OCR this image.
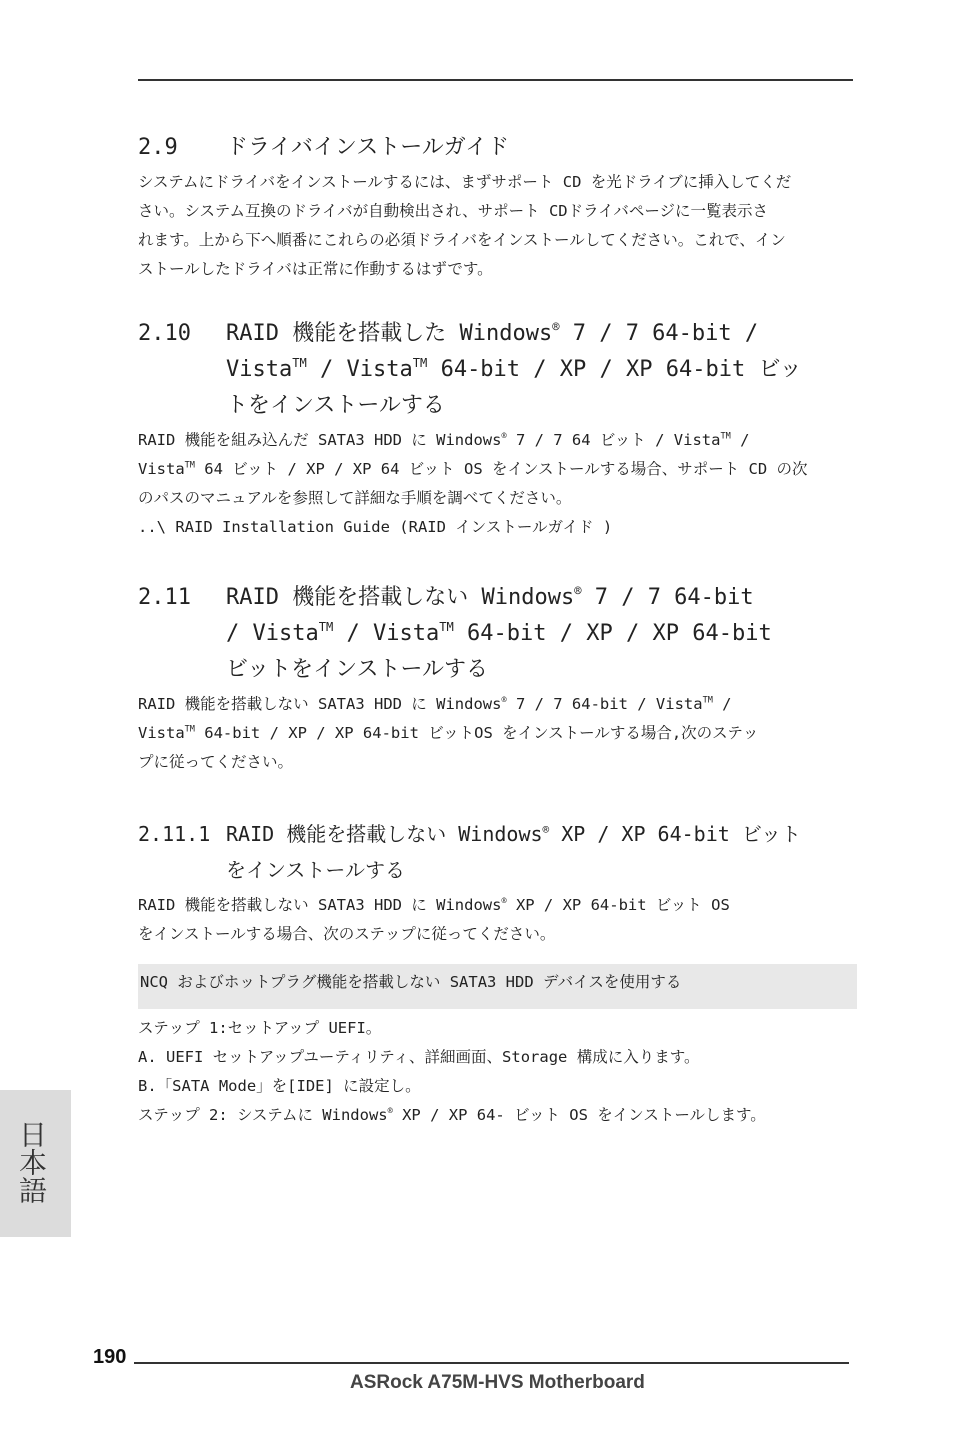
2.9 ドライバインストールガイド
システムにドライバをインストールするには、まずサポート CD を光ドライブに挿入してくだ
さい。システム互換のドライバが自動検出され、サポート CDドライバページに一覧表示さ
れます。上から下へ順番にこれらの必須ドライバをインストールしてください。これで、イン
ストールしたドライバは正常に作動するはずです。
2.10 RAID 機能を搭載した Windows® 7 / 7 64-bit /
Vista™ / Vista™ 64-bit / XP / XP 64-bit ビッ
トをインストールする
RAID 機能を組み込んだ SATA3 HDD に Windows® 7 / 7 64 ビット / Vista™ /
Vista™ 64 ビット / XP / XP 64 ビット OS をインストールする場合、サポート CD の次
のパスのマニュアルを参照して詳細な手順を調べてください。
..\ RAID Installation Guide (RAID インストールガイド )
2.11 RAID 機能を搭載しない Windows® 7 / 7 64-bit
/ Vista™ / Vista™ 64-bit / XP / XP 64-bit
ビットをインストールする
RAID 機能を搭載しない SATA3 HDD に Windows® 7 / 7 64-bit / Vista™ /
Vista™ 64-bit / XP / XP 64-bit ビットOS をインストールする場合,次のステッ
プに従ってください。
2.11.1 RAID 機能を搭載しない Windows® XP / XP 64-bit ビット
をインストールする
RAID 機能を搭載しない SATA3 HDD に Windows® XP / XP 64-bit ビット OS
をインストールする場合、次のステップに従ってください。
NCQ およびホットプラグ機能を搭載しない SATA3 HDD デバイスを使用する
ステップ 1:セットアップ UEFI。
A. UEFI セットアップユーティリティ、詳細画面、Storage 構成に入ります。
B.「SATA Mode」を[IDE] に設定し。
ステップ 2: システムに Windows® XP / XP 64- ビット OS をインストールします。
日本語
190
ASRock A75M-HVS Motherboard
